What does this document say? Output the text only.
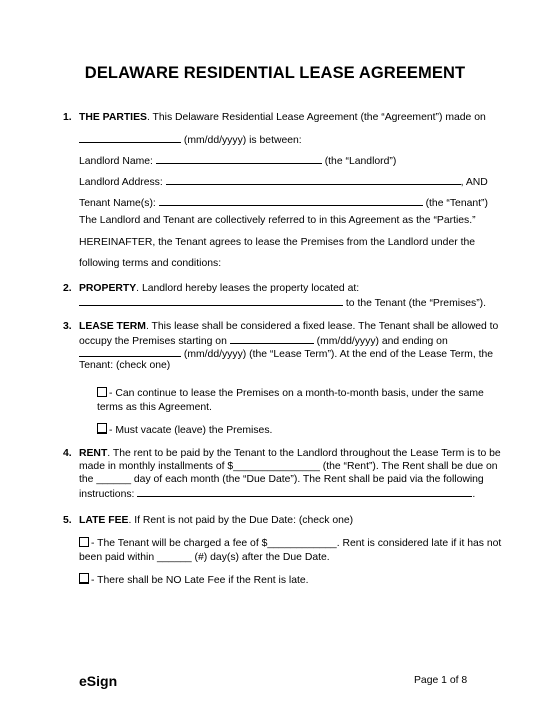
DELAWARE RESIDENTIAL LEASE AGREEMENT
1. THE PARTIES. This Delaware Residential Lease Agreement (the “Agreement”) made on
(mm/dd/yyyy) is between:
Landlord Name:	(the “Landlord”)
Landlord Address:	, AND
Tenant Name(s):	(the “Tenant”)
The Landlord and Tenant are collectively referred to in this Agreement as the “Parties.”
HEREINAFTER, the Tenant agrees to lease the Premises from the Landlord under the
following terms and conditions:
2. PROPERTY. Landlord hereby leases the property located at:
to the Tenant (the “Premises”).
3. LEASE TERM. This lease shall be considered a fixed lease. The Tenant shall be allowed to
occupy the Premises starting on	(mm/dd/yyyy) and ending on
(mm/dd/yyyy) (the “Lease Term”). At the end of the Lease Term, the
Tenant: (check one)
- Can continue to lease the Premises on a month-to-month basis, under the same
terms as this Agreement.
- Must vacate (leave) the Premises.
4. RENT. The rent to be paid by the Tenant to the Landlord throughout the Lease Term is to be
made in monthly installments of $_______________ (the “Rent”). The Rent shall be due on
the ______ day of each month (the “Due Date”). The Rent shall be paid via the following
instructions:	.
5. LATE FEE. If Rent is not paid by the Due Date: (check one)
- The Tenant will be charged a fee of $____________. Rent is considered late if it has not
been paid within ______ (#) day(s) after the Due Date.
- There shall be NO Late Fee if the Rent is late.
eSign	Page 1 of 8
